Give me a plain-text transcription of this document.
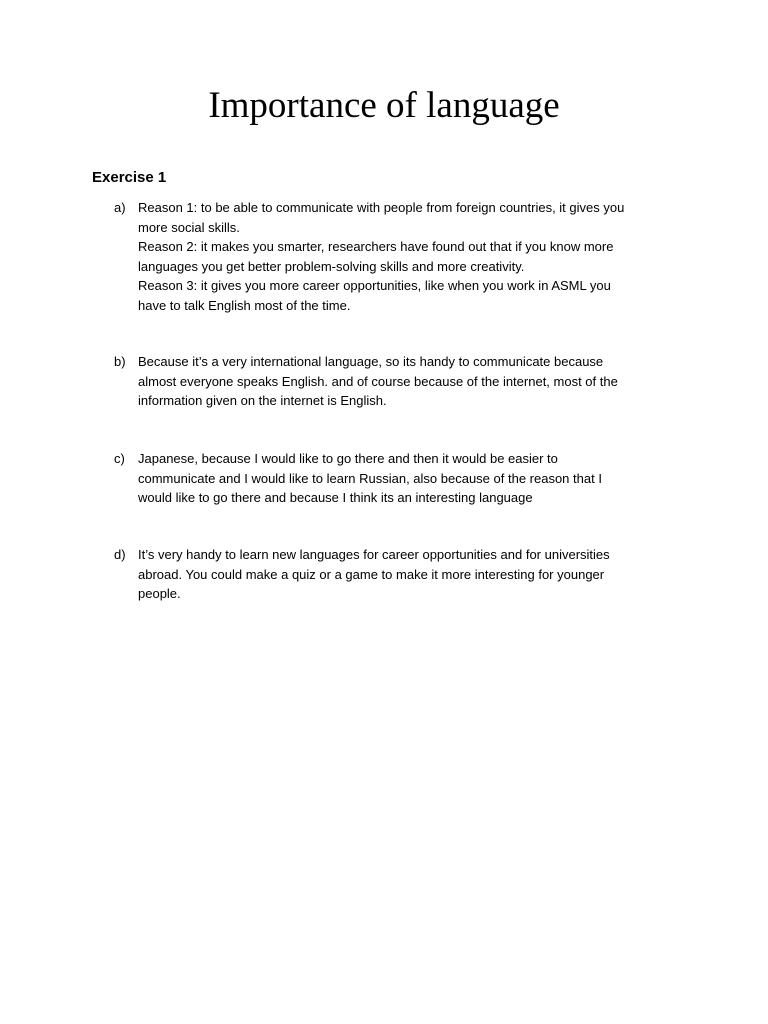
Importance of language
Exercise 1
a) Reason 1: to be able to communicate with people from foreign countries, it gives you
more social skills.
Reason 2: it makes you smarter, researchers have found out that if you know more
languages you get better problem-solving skills and more creativity.
Reason 3: it gives you more career opportunities, like when you work in ASML you
have to talk English most of the time.
b) Because it’s a very international language, so its handy to communicate because
almost everyone speaks English. and of course because of the internet, most of the
information given on the internet is English.
c)	Japanese, because I would like to go there and then it would be easier to
communicate and I would like to learn Russian, also because of the reason that I
would like to go there and because I think its an interesting language
d) It’s very handy to learn new languages for career opportunities and for universities
abroad. You could make a quiz or a game to make it more interesting for younger
people.
